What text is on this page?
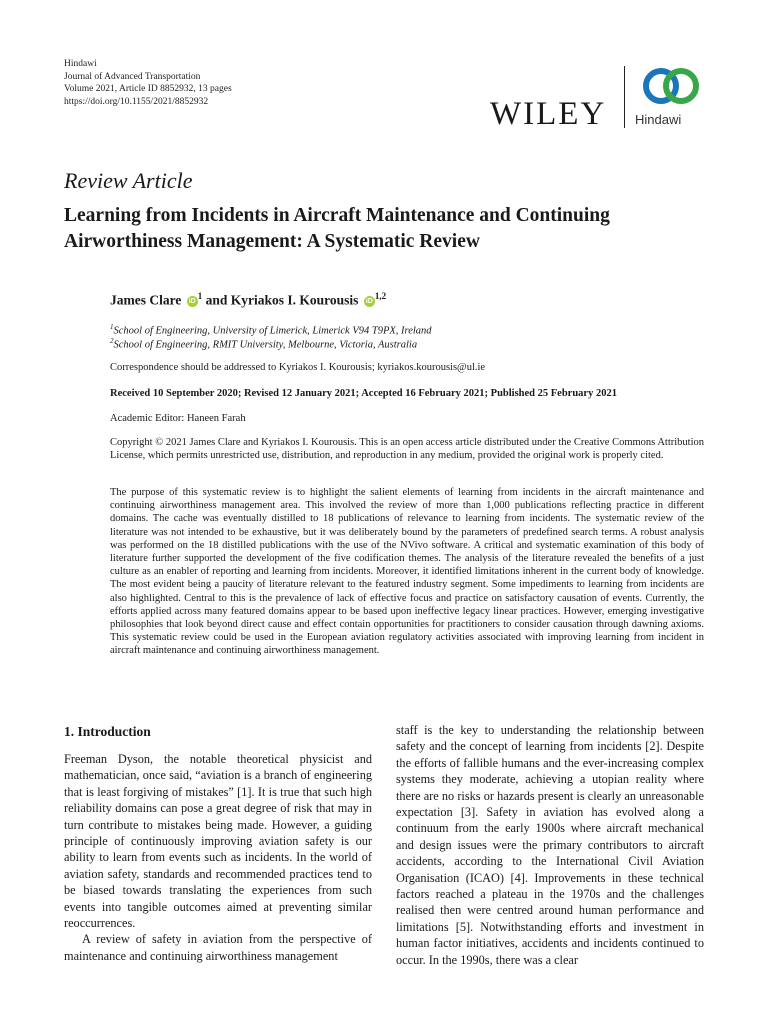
Hindawi
Journal of Advanced Transportation
Volume 2021, Article ID 8852932, 13 pages
https://doi.org/10.1155/2021/8852932	WILEY Hindawi
Review Article
Learning from Incidents in Aircraft Maintenance and Continuing Airworthiness Management: A Systematic Review
James Clare $iD^1$ and Kyriakos I. Kourousis iD$^{1,2}$
$^1$School of Engineering, University of Limerick, Limerick V94 T9PX, Ireland
$^2$School of Engineering, RMIT University, Melbourne, Victoria, Australia
Correspondence should be addressed to Kyriakos I. Kourousis; kyriakos.kourousis@ul.ie
Received 10 September 2020; Revised 12 January 2021; Accepted 16 February 2021; Published 25 February 2021
Academic Editor: Haneen Farah
Copyright © 2021 James Clare and Kyriakos I. Kourousis. This is an open access article distributed under the Creative Commons Attribution License, which permits unrestricted use, distribution, and reproduction in any medium, provided the original work is properly cited.
The purpose of this systematic review is to highlight the salient elements of learning from incidents in the aircraft maintenance and continuing airworthiness management area. This involved the review of more than 1,000 publications reflecting practice in different domains. The cache was eventually distilled to 18 publications of relevance to learning from incidents. The systematic review of the literature was not intended to be exhaustive, but it was deliberately bound by the parameters of predefined search terms. A robust analysis was performed on the 18 distilled publications with the use of the NVivo software. A critical and systematic examination of this body of literature further supported the development of the five codification themes. The analysis of the literature revealed the benefits of a just culture as an enabler of reporting and learning from incidents. Moreover, it identified limitations inherent in the current body of knowledge. The most evident being a paucity of literature relevant to the featured industry segment. Some impediments to learning from incidents are also highlighted. Central to this is the prevalence of lack of effective focus and practice on satisfactory causation of events. Currently, the efforts applied across many featured domains appear to be based upon ineffective legacy linear practices. However, emerging investigative philosophies that look beyond direct cause and effect contain opportunities for practitioners to consider causation through dawning axioms. This systematic review could be used in the European aviation regulatory activities associated with improving learning from incident in aircraft maintenance and continuing airworthiness management.
1. Introduction

Freeman Dyson, the notable theoretical physicist and mathematician, once said, “aviation is a branch of engineering that is least forgiving of mistakes” [1]. It is true that such high reliability domains can pose a great degree of risk that may in turn contribute to mistakes being made. However, a guiding principle of continuously improving aviation safety is our ability to learn from events such as incidents. In the world of aviation safety, standards and recommended practices tend to be biased towards translating the experiences from such events into tangible outcomes aimed at preventing similar reoccurrences.

A review of safety in aviation from the perspective of maintenance and continuing airworthiness management

staff is the key to understanding the relationship between safety and the concept of learning from incidents [2]. Despite the efforts of fallible humans and the ever-increasing complex systems they moderate, achieving a utopian reality where there are no risks or hazards present is clearly an unreasonable expectation [3]. Safety in aviation has evolved along a continuum from the early 1900s where aircraft mechanical and design issues were the primary contributors to aircraft accidents, according to the International Civil Aviation Organisation (ICAO) [4]. Improvements in these technical factors reached a plateau in the 1970s and the challenges realised then were centred around human performance and limitations [5]. Notwithstanding efforts and investment in human factor initiatives, accidents and incidents continued to occur. In the 1990s, there was a clear
